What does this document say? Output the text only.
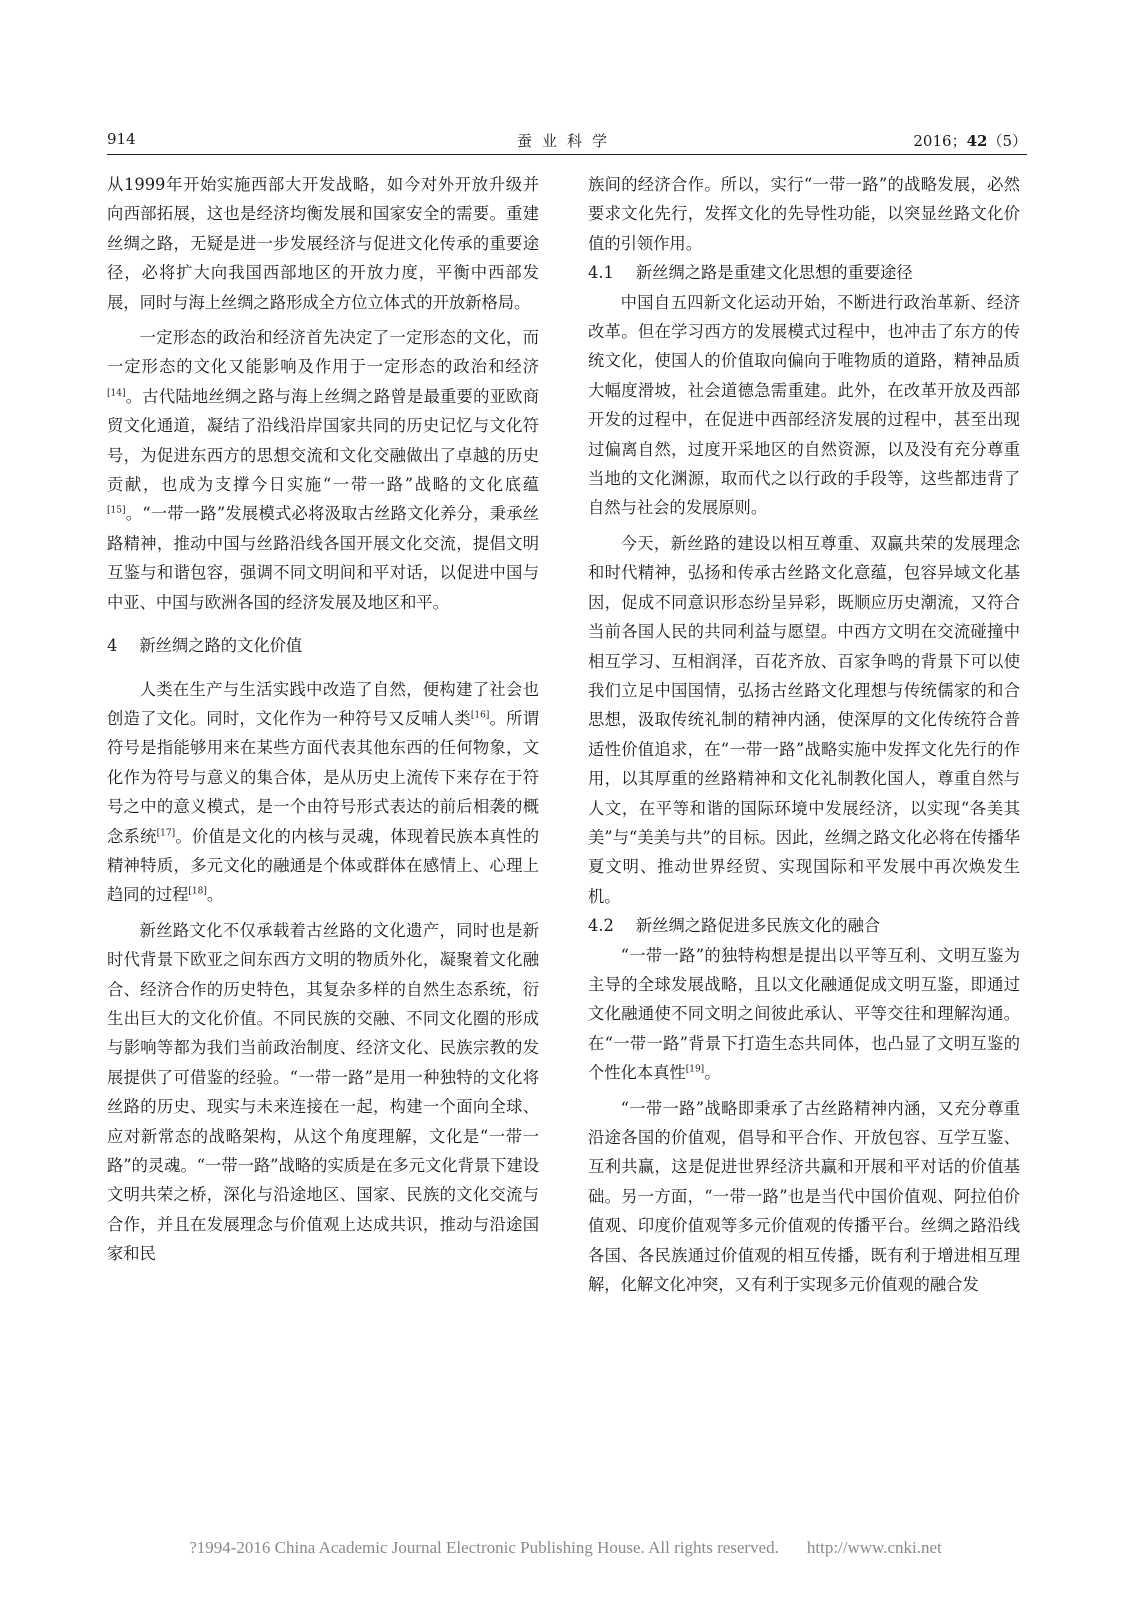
914	蚕业科学	2016；42（5）

从1999年开始实施西部大开发战略，如今对外开放升级并向西部拓展，这也是经济均衡发展和国家安全的需要。重建丝绸之路，无疑是进一步发展经济与促进文化传承的重要途径，必将扩大向我国西部地区的开放力度，平衡中西部发展，同时与海上丝绸之路形成全方位立体式的开放新格局。

一定形态的政治和经济首先决定了一定形态的文化，而一定形态的文化又能影响及作用于一定形态的政治和经济[14]。古代陆地丝绸之路与海上丝绸之路曾是最重要的亚欧商贸文化通道，凝结了沿线沿岸国家共同的历史记忆与文化符号，为促进东西方的思想交流和文化交融做出了卓越的历史贡献，也成为支撑今日实施“一带一路”战略的文化底蕴[15]。“一带一路”发展模式必将汲取古丝路文化养分，秉承丝路精神，推动中国与丝路沿线各国开展文化交流，提倡文明互鉴与和谐包容，强调不同文明间和平对话，以促进中国与中亚、中国与欧洲各国的经济发展及地区和平。

4 新丝绸之路的文化价值

人类在生产与生活实践中改造了自然，便构建了社会也创造了文化。同时，文化作为一种符号又反哺人类[16]。所谓符号是指能够用来在某些方面代表其他东西的任何物象，文化作为符号与意义的集合体，是从历史上流传下来存在于符号之中的意义模式，是一个由符号形式表达的前后相袭的概念系统[17]。价值是文化的内核与灵魂，体现着民族本真性的精神特质，多元文化的融通是个体或群体在感情上、心理上趋同的过程[18]。

新丝路文化不仅承载着古丝路的文化遗产，同时也是新时代背景下欧亚之间东西方文明的物质外化，凝聚着文化融合、经济合作的历史特色，其复杂多样的自然生态系统，衍生出巨大的文化价值。不同民族的交融、不同文化圈的形成与影响等都为我们当前政治制度、经济文化、民族宗教的发展提供了可借鉴的经验。“一带一路”是用一种独特的文化将丝路的历史、现实与未来连接在一起，构建一个面向全球、应对新常态的战略架构，从这个角度理解，文化是“一带一路”的灵魂。“一带一路”战略的实质是在多元文化背景下建设文明共荣之桥，深化与沿途地区、国家、民族的文化交流与合作，并且在发展理念与价值观上达成共识，推动与沿途国家和民

族间的经济合作。所以，实行“一带一路”的战略发展，必然要求文化先行，发挥文化的先导性功能，以突显丝路文化价值的引领作用。

4.1 新丝绸之路是重建文化思想的重要途径

中国自五四新文化运动开始，不断进行政治革新、经济改革。但在学习西方的发展模式过程中，也冲击了东方的传统文化，使国人的价值取向偏向于唯物质的道路，精神品质大幅度滑坡，社会道德急需重建。此外，在改革开放及西部开发的过程中，在促进中西部经济发展的过程中，甚至出现过偏离自然，过度开采地区的自然资源，以及没有充分尊重当地的文化渊源，取而代之以行政的手段等，这些都违背了自然与社会的发展原则。

今天，新丝路的建设以相互尊重、双赢共荣的发展理念和时代精神，弘扬和传承古丝路文化意蕴，包容异域文化基因，促成不同意识形态纷呈异彩，既顺应历史潮流，又符合当前各国人民的共同利益与愿望。中西方文明在交流碰撞中相互学习、互相润泽，百花齐放、百家争鸣的背景下可以使我们立足中国国情，弘扬古丝路文化理想与传统儒家的和合思想，汲取传统礼制的精神内涵，使深厚的文化传统符合普适性价值追求，在“一带一路”战略实施中发挥文化先行的作用，以其厚重的丝路精神和文化礼制教化国人，尊重自然与人文，在平等和谐的国际环境中发展经济，以实现“各美其美”与“美美与共”的目标。因此，丝绸之路文化必将在传播华夏文明、推动世界经贸、实现国际和平发展中再次焕发生机。

4.2 新丝绸之路促进多民族文化的融合

“一带一路”的独特构想是提出以平等互利、文明互鉴为主导的全球发展战略，且以文化融通促成文明互鉴，即通过文化融通使不同文明之间彼此承认、平等交往和理解沟通。在“一带一路”背景下打造生态共同体，也凸显了文明互鉴的个性化本真性[19]。

“一带一路”战略即秉承了古丝路精神内涵，又充分尊重沿途各国的价值观，倡导和平合作、开放包容、互学互鉴、互利共赢，这是促进世界经济共赢和开展和平对话的价值基础。另一方面，“一带一路”也是当代中国价值观、阿拉伯价值观、印度价值观等多元价值观的传播平台。丝绸之路沿线各国、各民族通过价值观的相互传播，既有利于增进相互理解，化解文化冲突，又有利于实现多元价值观的融合发

?1994-2016 China Academic Journal Electronic Publishing House. All rights reserved. http://www.cnki.net
